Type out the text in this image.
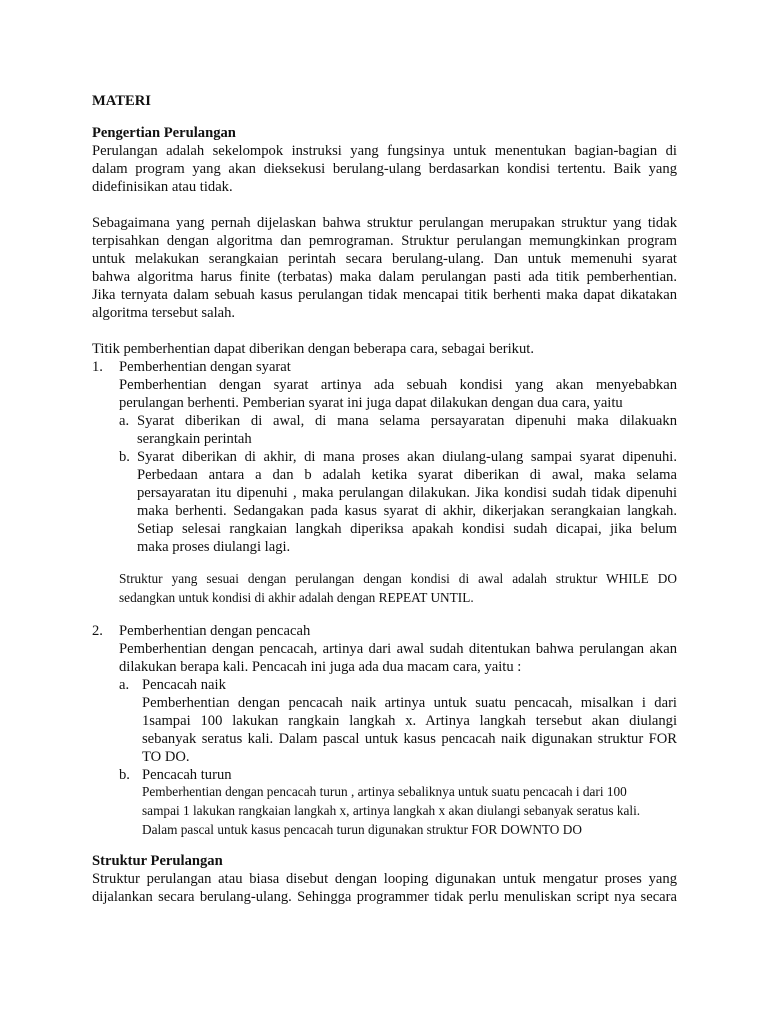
MATERI
Pengertian Perulangan
Perulangan adalah sekelompok instruksi yang fungsinya untuk menentukan bagian-bagian di
dalam program yang akan dieksekusi berulang-ulang berdasarkan kondisi tertentu. Baik yang
didefinisikan atau tidak.
Sebagaimana yang pernah dijelaskan bahwa struktur perulangan merupakan struktur yang tidak
terpisahkan dengan algoritma dan pemrograman. Struktur perulangan memungkinkan program
untuk melakukan serangkaian perintah secara berulang-ulang. Dan untuk memenuhi syarat
bahwa algoritma harus finite (terbatas) maka dalam perulangan pasti ada titik pemberhentian.
Jika ternyata dalam sebuah kasus perulangan tidak mencapai titik berhenti maka dapat dikatakan
algoritma tersebut salah.
Titik pemberhentian dapat diberikan dengan beberapa cara, sebagai berikut.
1. Pemberhentian dengan syarat
Pemberhentian dengan syarat artinya ada sebuah kondisi yang akan menyebabkan
perulangan berhenti. Pemberian syarat ini juga dapat dilakukan dengan dua cara, yaitu
a. Syarat diberikan di awal, di mana selama persayaratan dipenuhi maka dilakuakn
serangkain perintah
b. Syarat diberikan di akhir, di mana proses akan diulang-ulang sampai syarat dipenuhi.
Perbedaan antara a dan b adalah ketika syarat diberikan di awal, maka selama
persayaratan itu dipenuhi , maka perulangan dilakukan. Jika kondisi sudah tidak dipenuhi
maka berhenti. Sedangakan pada kasus syarat di akhir, dikerjakan serangkaian langkah.
Setiap selesai rangkaian langkah diperiksa apakah kondisi sudah dicapai, jika belum
maka proses diulangi lagi.
Struktur yang sesuai dengan perulangan dengan kondisi di awal adalah struktur WHILE DO
sedangkan untuk kondisi di akhir adalah dengan REPEAT UNTIL.
2. Pemberhentian dengan pencacah
Pemberhentian dengan pencacah, artinya dari awal sudah ditentukan bahwa perulangan akan
dilakukan berapa kali. Pencacah ini juga ada dua macam cara, yaitu :
a. Pencacah naik
Pemberhentian dengan pencacah naik artinya untuk suatu pencacah, misalkan i dari
1sampai 100 lakukan rangkain langkah x. Artinya langkah tersebut akan diulangi
sebanyak seratus kali. Dalam pascal untuk kasus pencacah naik digunakan struktur FOR
TO DO.
b. Pencacah turun
Pemberhentian dengan pencacah turun , artinya sebaliknya untuk suatu pencacah i dari 100
sampai 1 lakukan rangkaian langkah x, artinya langkah x akan diulangi sebanyak seratus kali.
Dalam pascal untuk kasus pencacah turun digunakan struktur FOR DOWNTO DO
Struktur Perulangan
Struktur perulangan atau biasa disebut dengan looping digunakan untuk mengatur proses yang
dijalankan secara berulang-ulang. Sehingga programmer tidak perlu menuliskan script nya secara
